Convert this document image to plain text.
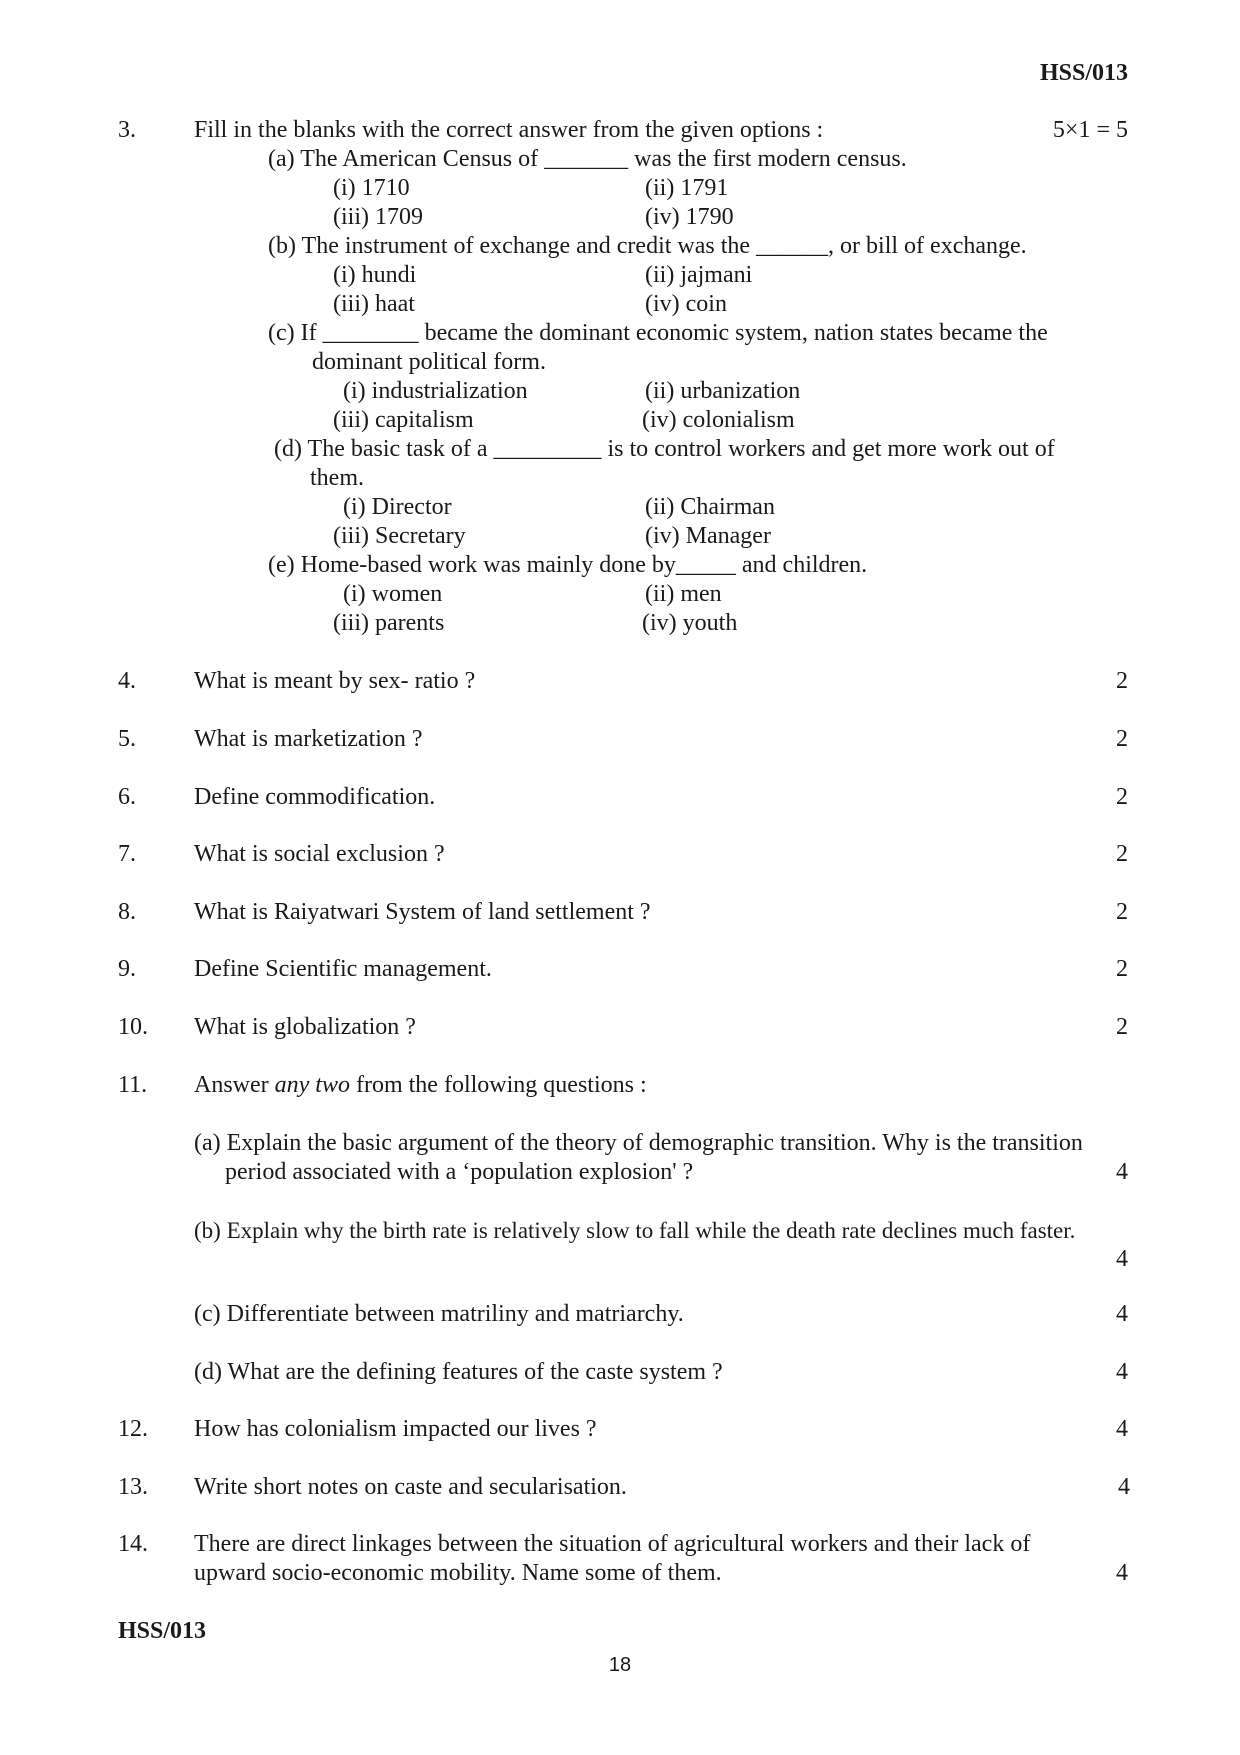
HSS/013
3. Fill in the blanks with the correct answer from the given options :	5×1 = 5
(a) The American Census of _______ was the first modern census.
(i) 1710	(ii) 1791
(iii) 1709	(iv) 1790
(b) The instrument of exchange and credit was the ______, or bill of exchange.
(i) hundi	(ii) jajmani
(iii) haat	(iv) coin
(c) If ________ became the dominant economic system, nation states became the
dominant political form.
(i) industrialization	(ii) urbanization
(iii) capitalism	(iv) colonialism
(d) The basic task of a _________ is to control workers and get more work out of
them.
(i) Director	(ii) Chairman
(iii) Secretary	(iv) Manager
(e) Home-based work was mainly done by_____ and children.
(i) women	(ii) men
(iii) parents	(iv) youth
4. What is meant by sex- ratio ?	2
5. What is marketization ?	2
6. Define commodification.	2
7. What is social exclusion ?	2
8. What is Raiyatwari System of land settlement ?	2
9. Define Scientific management.	2
10. What is globalization ?	2
11. Answer any two from the following questions :
(a) Explain the basic argument of the theory of demographic transition. Why is the transition
period associated with a ‘population explosion' ?	4
(b) Explain why the birth rate is relatively slow to fall while the death rate declines much faster.
4
(c) Differentiate between matriliny and matriarchy.	4
(d) What are the defining features of the caste system ?	4
12. How has colonialism impacted our lives ?	4
13. Write short notes on caste and secularisation.	4
14. There are direct linkages between the situation of agricultural workers and their lack of
upward socio-economic mobility. Name some of them.	4
HSS/013
18
